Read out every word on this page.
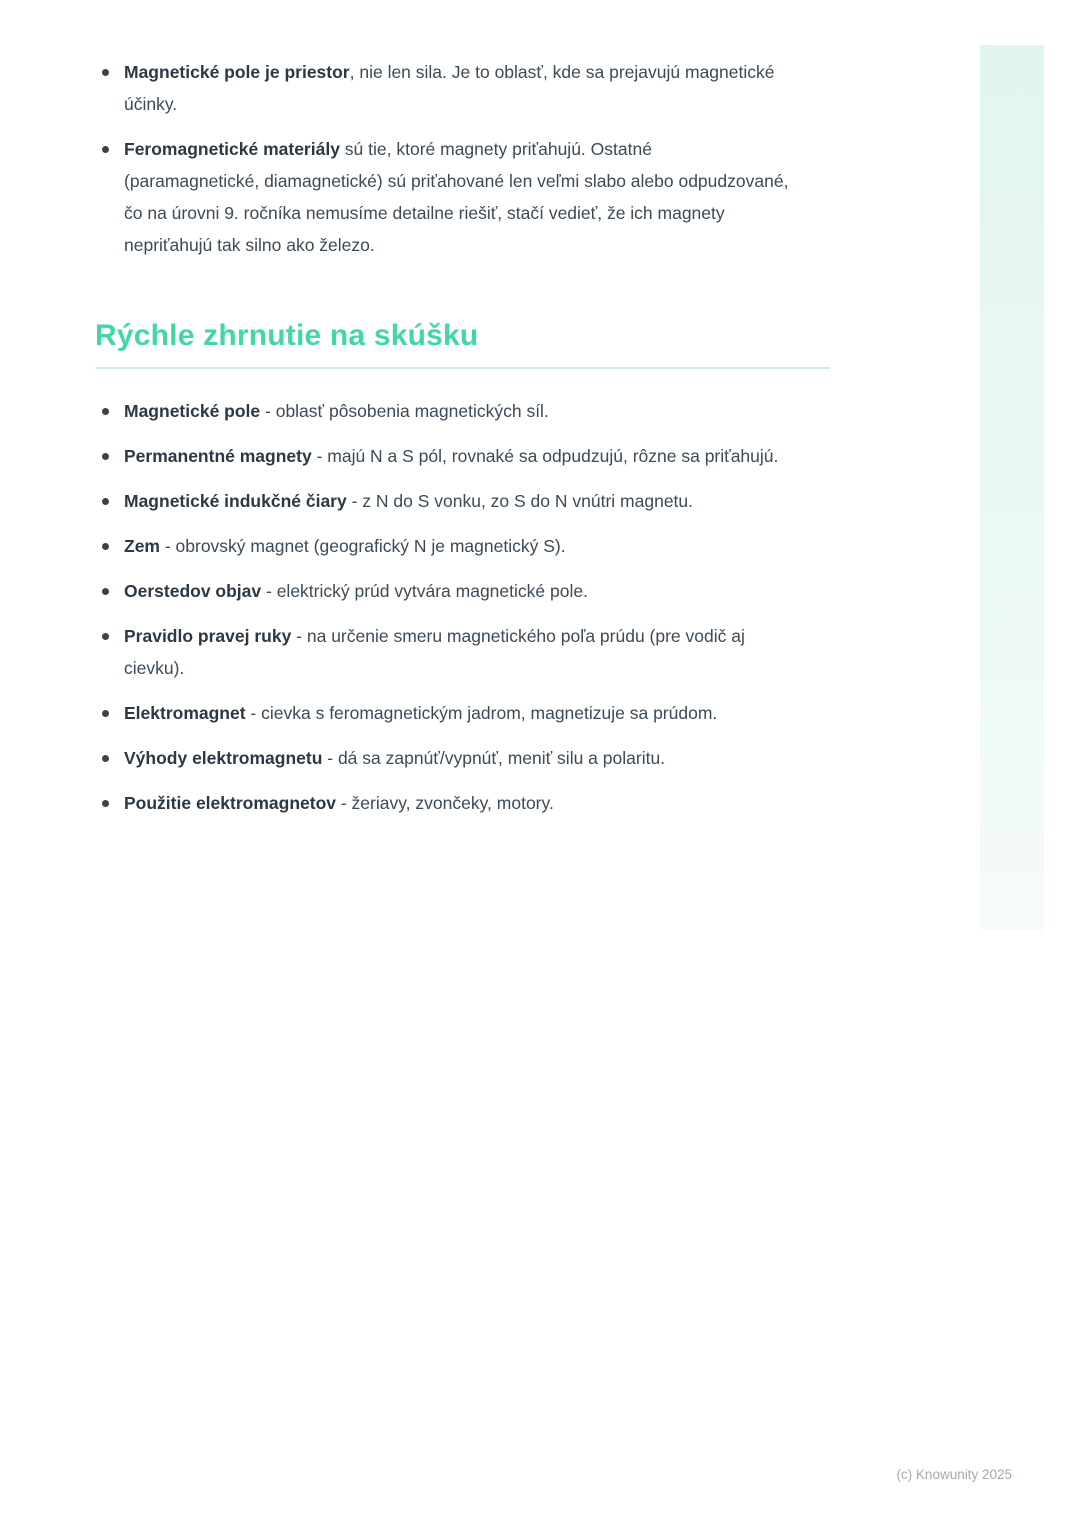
Magnetické pole je priestor, nie len sila. Je to oblasť, kde sa prejavujú magnetické účinky.
Feromagnetické materiály sú tie, ktoré magnety priťahujú. Ostatné (paramagnetické, diamagnetické) sú priťahované len veľmi slabo alebo odpudzované, čo na úrovni 9. ročníka nemusíme detailne riešiť, stačí vedieť, že ich magnety nepriťahujú tak silno ako železo.
Rýchle zhrnutie na skúšku
Magnetické pole - oblasť pôsobenia magnetických síl.
Permanentné magnety - majú N a S pól, rovnaké sa odpudzujú, rôzne sa priťahujú.
Magnetické indukčné čiary - z N do S vonku, zo S do N vnútri magnetu.
Zem - obrovský magnet (geografický N je magnetický S).
Oerstedov objav - elektrický prúd vytvára magnetické pole.
Pravidlo pravej ruky - na určenie smeru magnetického poľa prúdu (pre vodič aj cievku).
Elektromagnet - cievka s feromagnetickým jadrom, magnetizuje sa prúdom.
Výhody elektromagnetu - dá sa zapnúť/vypnúť, meniť silu a polaritu.
Použitie elektromagnetov - žeriavy, zvončeky, motory.
(c) Knowunity 2025
